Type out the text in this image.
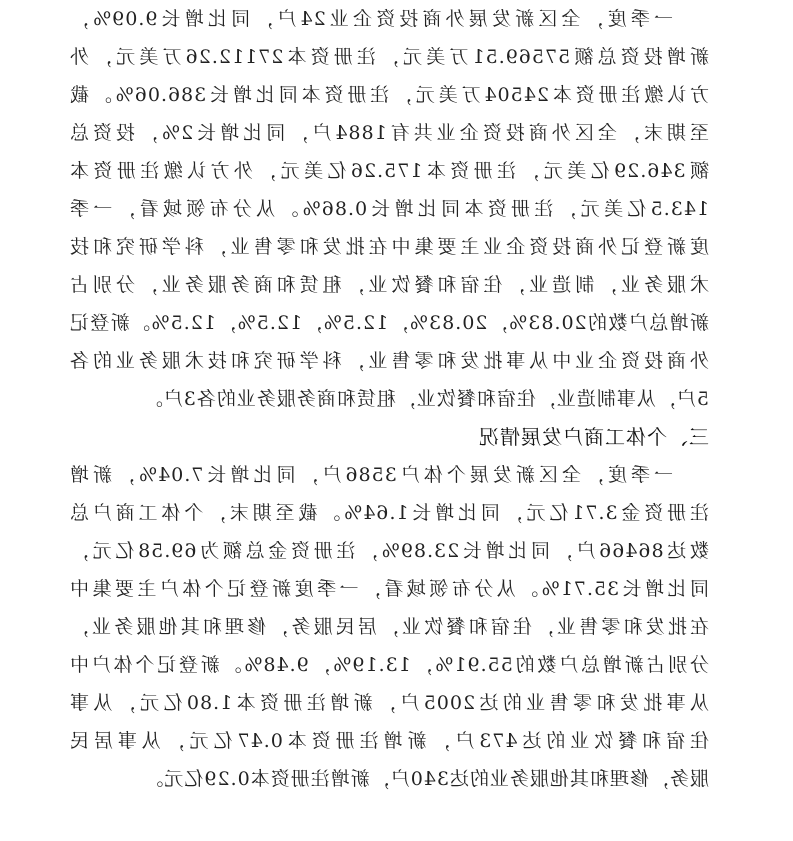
一季度，全区新发展外商投资企业24户，同比增长9.09%，
新增投资总额57569.51万美元，注册资本27112.26万美元，外
方认缴注册资本24504万美元，注册资本同比增长386.06%。截
至期末，全区外商投资企业共有1884户，同比增长2%，投资总
额346.29亿美元，注册资本175.26亿美元，外方认缴注册资本
143.5亿美元，注册资本同比增长0.86%。从分布领域看，一季
度新登记外商投资企业主要集中在批发和零售业，科学研究和技
术服务业，制造业，住宿和餐饮业，租赁和商务服务业，分别占
新增总户数的20.83%，20.83%，12.5%，12.5%，12.5%。新登记
外商投资企业中从事批发和零售业，科学研究和技术服务业的各
5户，从事制造业，住宿和餐饮业，租赁和商务服务业的各3户。
三、个体工商户发展情况
一季度，全区新发展个体户3586户，同比增长7.04%，新增
注册资金3.71亿元，同比增长1.64%。截至期末，个体工商户总
数达86466户，同比增长23.89%，注册资金总额为69.58亿元，
同比增长35.71%。从分布领域看，一季度新登记个体户主要集中
在批发和零售业，住宿和餐饮业，居民服务，修理和其他服务业，
分别占新增总户数的55.91%，13.19%，9.48%。新登记个体户中
从事批发和零售业的达2005户，新增注册资本1.80亿元，从事
住宿和餐饮业的达473户，新增注册资本0.47亿元，从事居民
服务，修理和其他服务业的达340户，新增注册资本0.29亿元。
